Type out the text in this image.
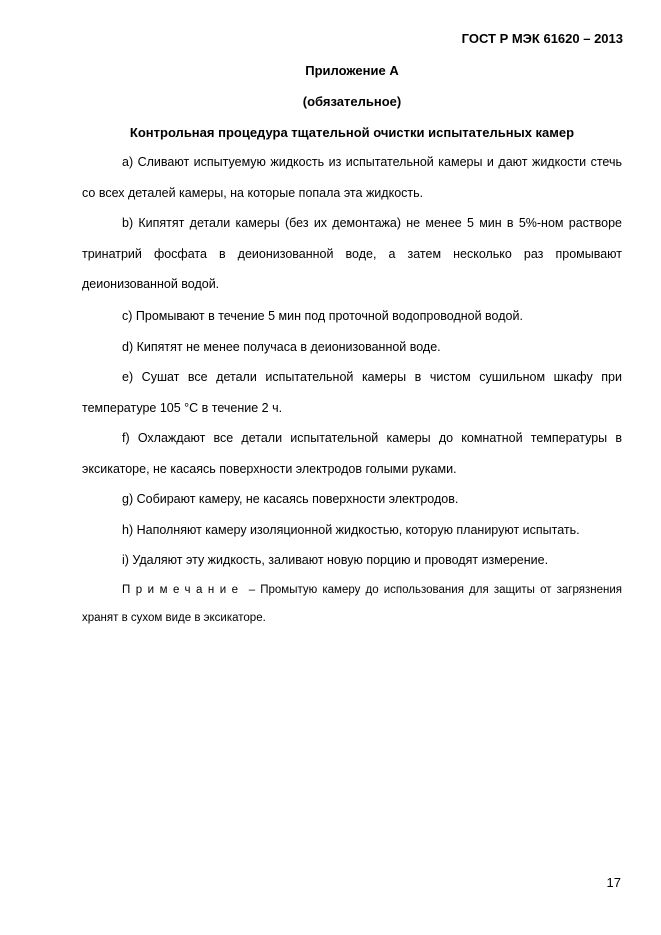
ГОСТ Р МЭК 61620 – 2013
Приложение А
(обязательное)
Контрольная процедура тщательной очистки испытательных камер

а) Сливают испытуемую жидкость из испытательной камеры и дают жидкости стечь со всех деталей камеры, на которые попала эта жидкость.

b) Кипятят детали камеры (без их демонтажа) не менее 5 мин в 5%-ном растворе тринатрий фосфата в деионизованной воде, а затем несколько раз промывают деионизованной водой.

c) Промывают в течение 5 мин под проточной водопроводной водой.

d) Кипятят не менее получаса в деионизованной воде.

e) Сушат все детали испытательной камеры в чистом сушильном шкафу при температуре 105 °C в течение 2 ч.

f) Охлаждают все детали испытательной камеры до комнатной температуры в эксикаторе, не касаясь поверхности электродов голыми руками.

g) Собирают камеру, не касаясь поверхности электродов.

h) Наполняют камеру изоляционной жидкостью, которую планируют испытать.

i) Удаляют эту жидкость, заливают новую порцию и проводят измерение.

Примечание – Промытую камеру до использования для защиты от загрязнения хранят в сухом виде в эксикаторе.

17
